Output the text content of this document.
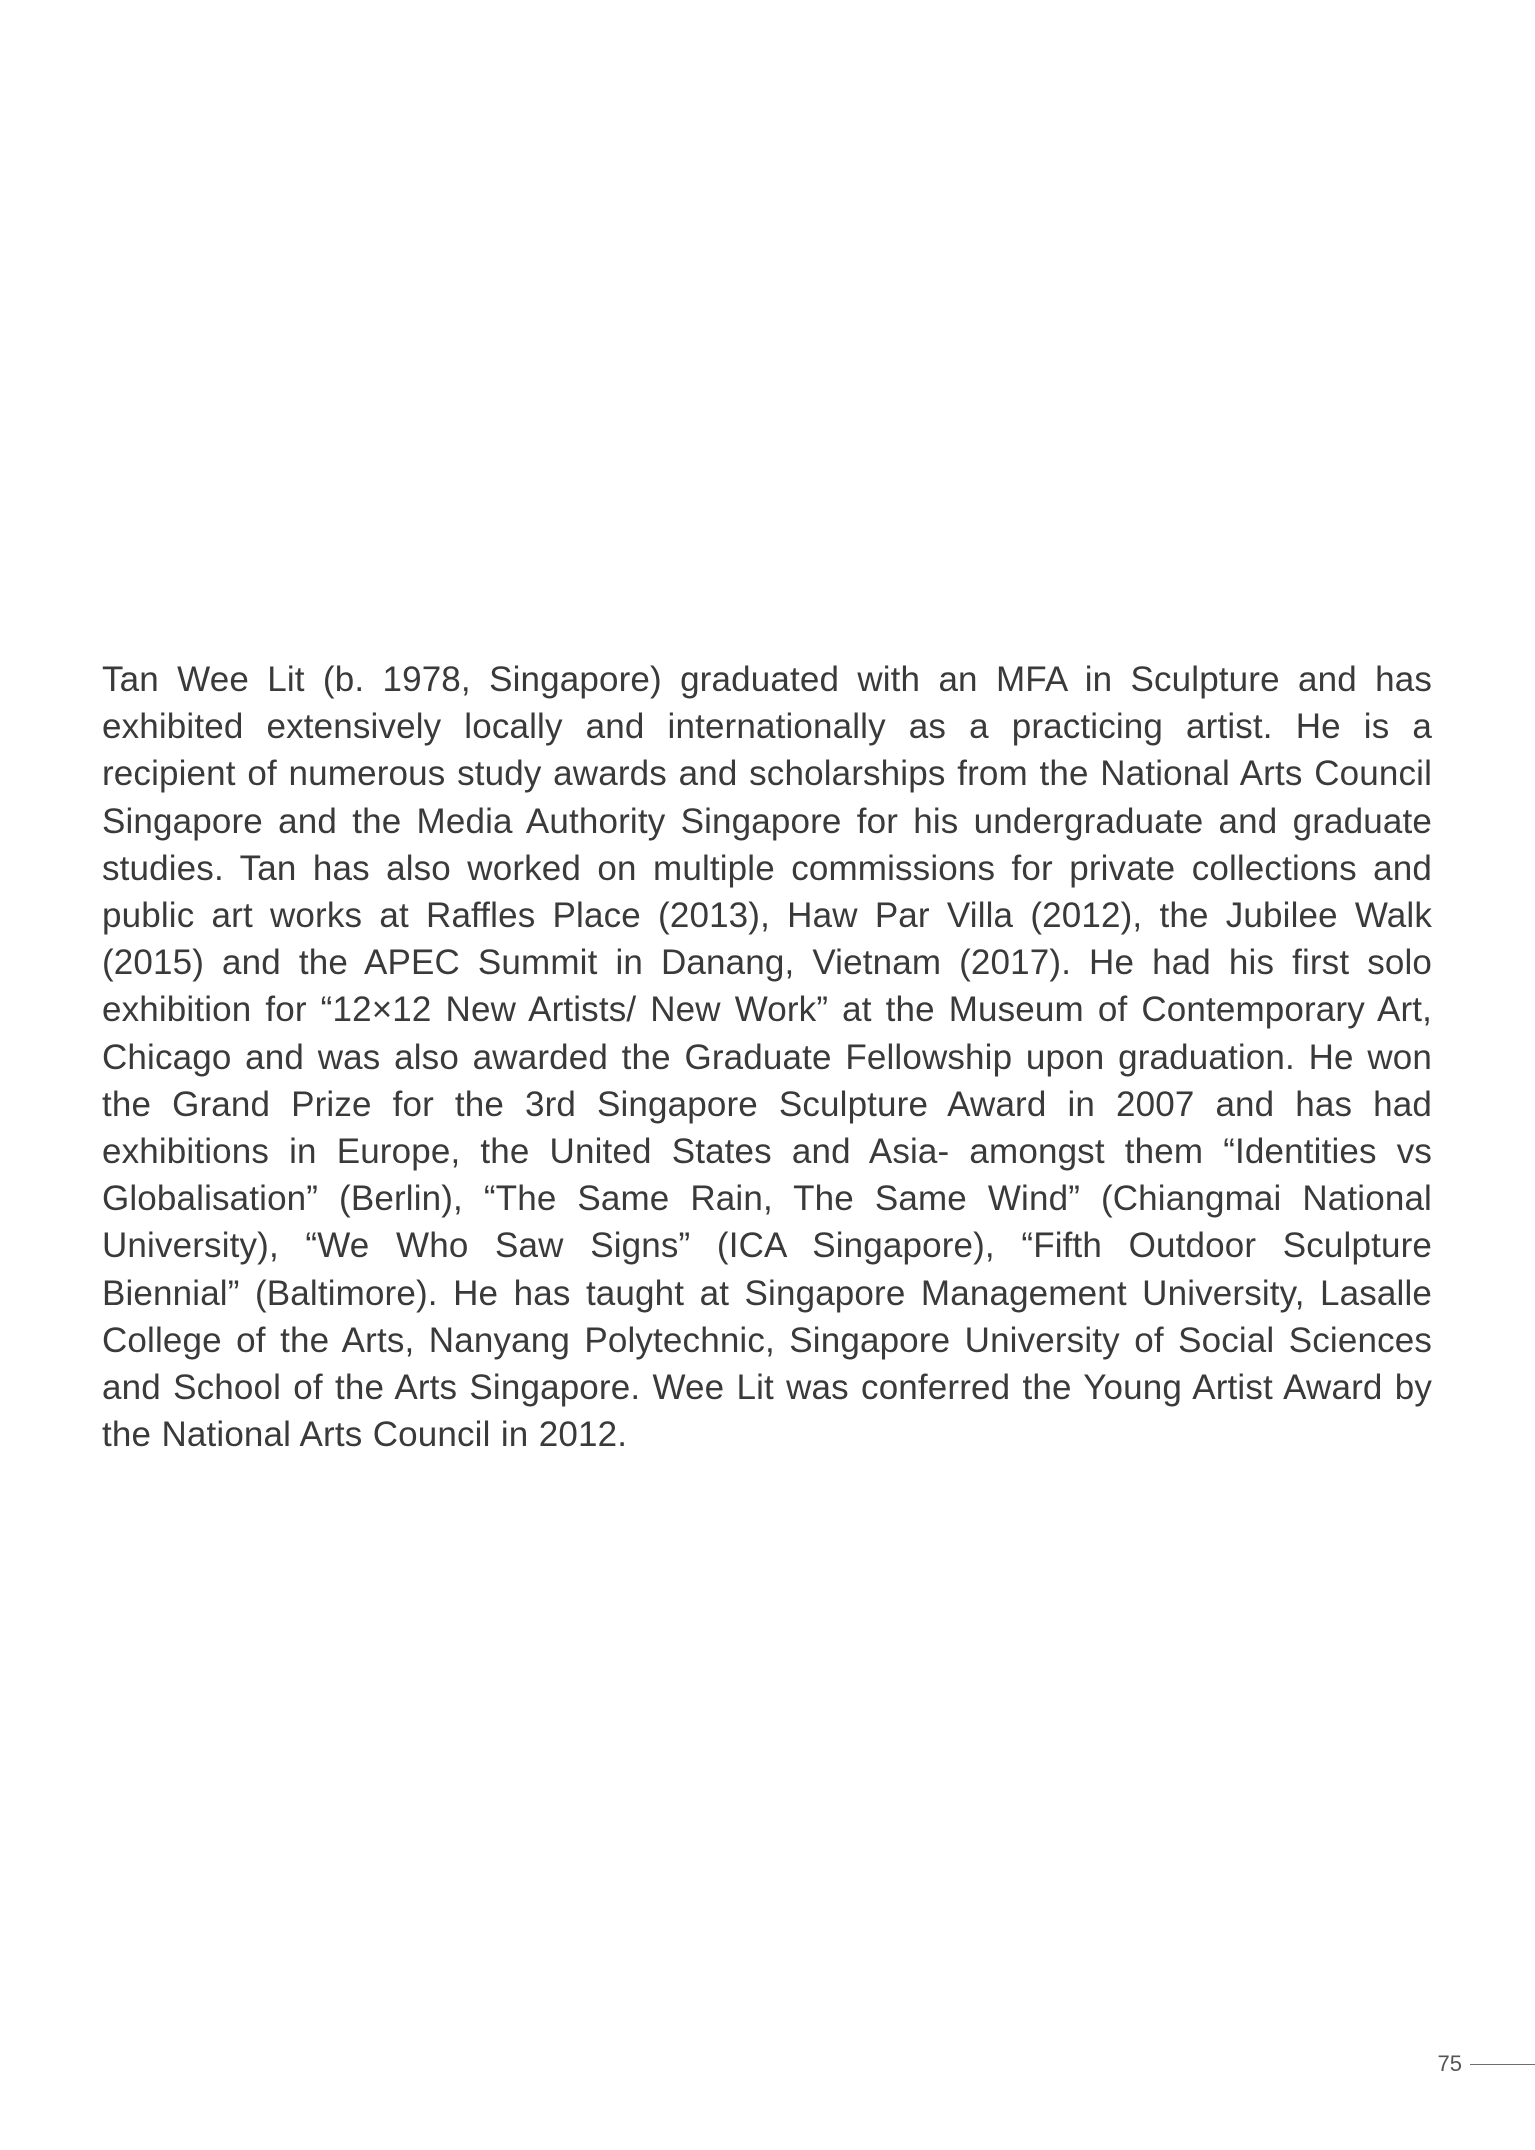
Tan Wee Lit (b. 1978, Singapore) graduated with an MFA in Sculpture and has exhibited extensively locally and internationally as a practicing artist. He is a recipient of numerous study awards and scholarships from the National Arts Council Singapore and the Media Authority Singapore for his undergraduate and graduate studies. Tan has also worked on multiple commissions for private collections and public art works at Raffles Place (2013), Haw Par Villa (2012), the Jubilee Walk (2015) and the APEC Summit in Danang, Vietnam (2017). He had his first solo exhibition for “12×12 New Artists/ New Work” at the Museum of Contemporary Art, Chicago and was also awarded the Graduate Fellowship upon graduation. He won the Grand Prize for the 3rd Singapore Sculpture Award in 2007 and has had exhibitions in Europe, the United States and Asia- amongst them “Identities vs Globalisation” (Berlin), “The Same Rain, The Same Wind” (Chiangmai National University), “We Who Saw Signs” (ICA Singapore), “Fifth Outdoor Sculpture Biennial” (Baltimore). He has taught at Singapore Management University, Lasalle College of the Arts, Nanyang Polytechnic, Singapore University of Social Sciences and School of the Arts Singapore. Wee Lit was conferred the Young Artist Award by the National Arts Council in 2012.

75
